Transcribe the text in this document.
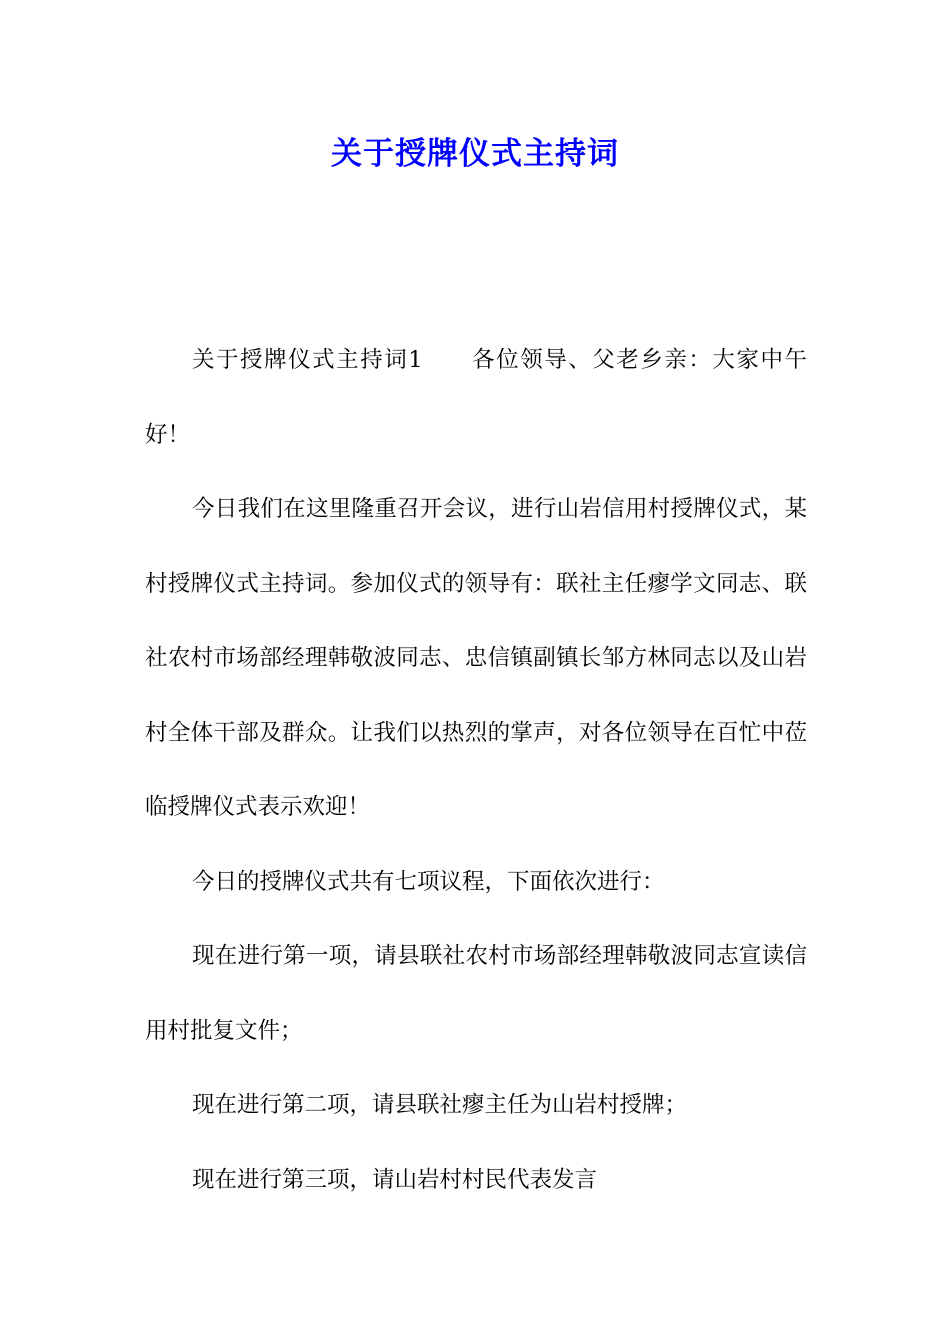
关于授牌仪式主持词

关于授牌仪式主持词1　　各位领导、父老乡亲：大家中午好！

今日我们在这里隆重召开会议，进行山岩信用村授牌仪式，某村授牌仪式主持词。参加仪式的领导有：联社主任瘳学文同志、联社农村市场部经理韩敬波同志、忠信镇副镇长邹方林同志以及山岩村全体干部及群众。让我们以热烈的掌声，对各位领导在百忙中莅临授牌仪式表示欢迎！

今日的授牌仪式共有七项议程，下面依次进行：

现在进行第一项，请县联社农村市场部经理韩敬波同志宣读信用村批复文件；

现在进行第二项，请县联社瘳主任为山岩村授牌；

现在进行第三项，请山岩村村民代表发言
